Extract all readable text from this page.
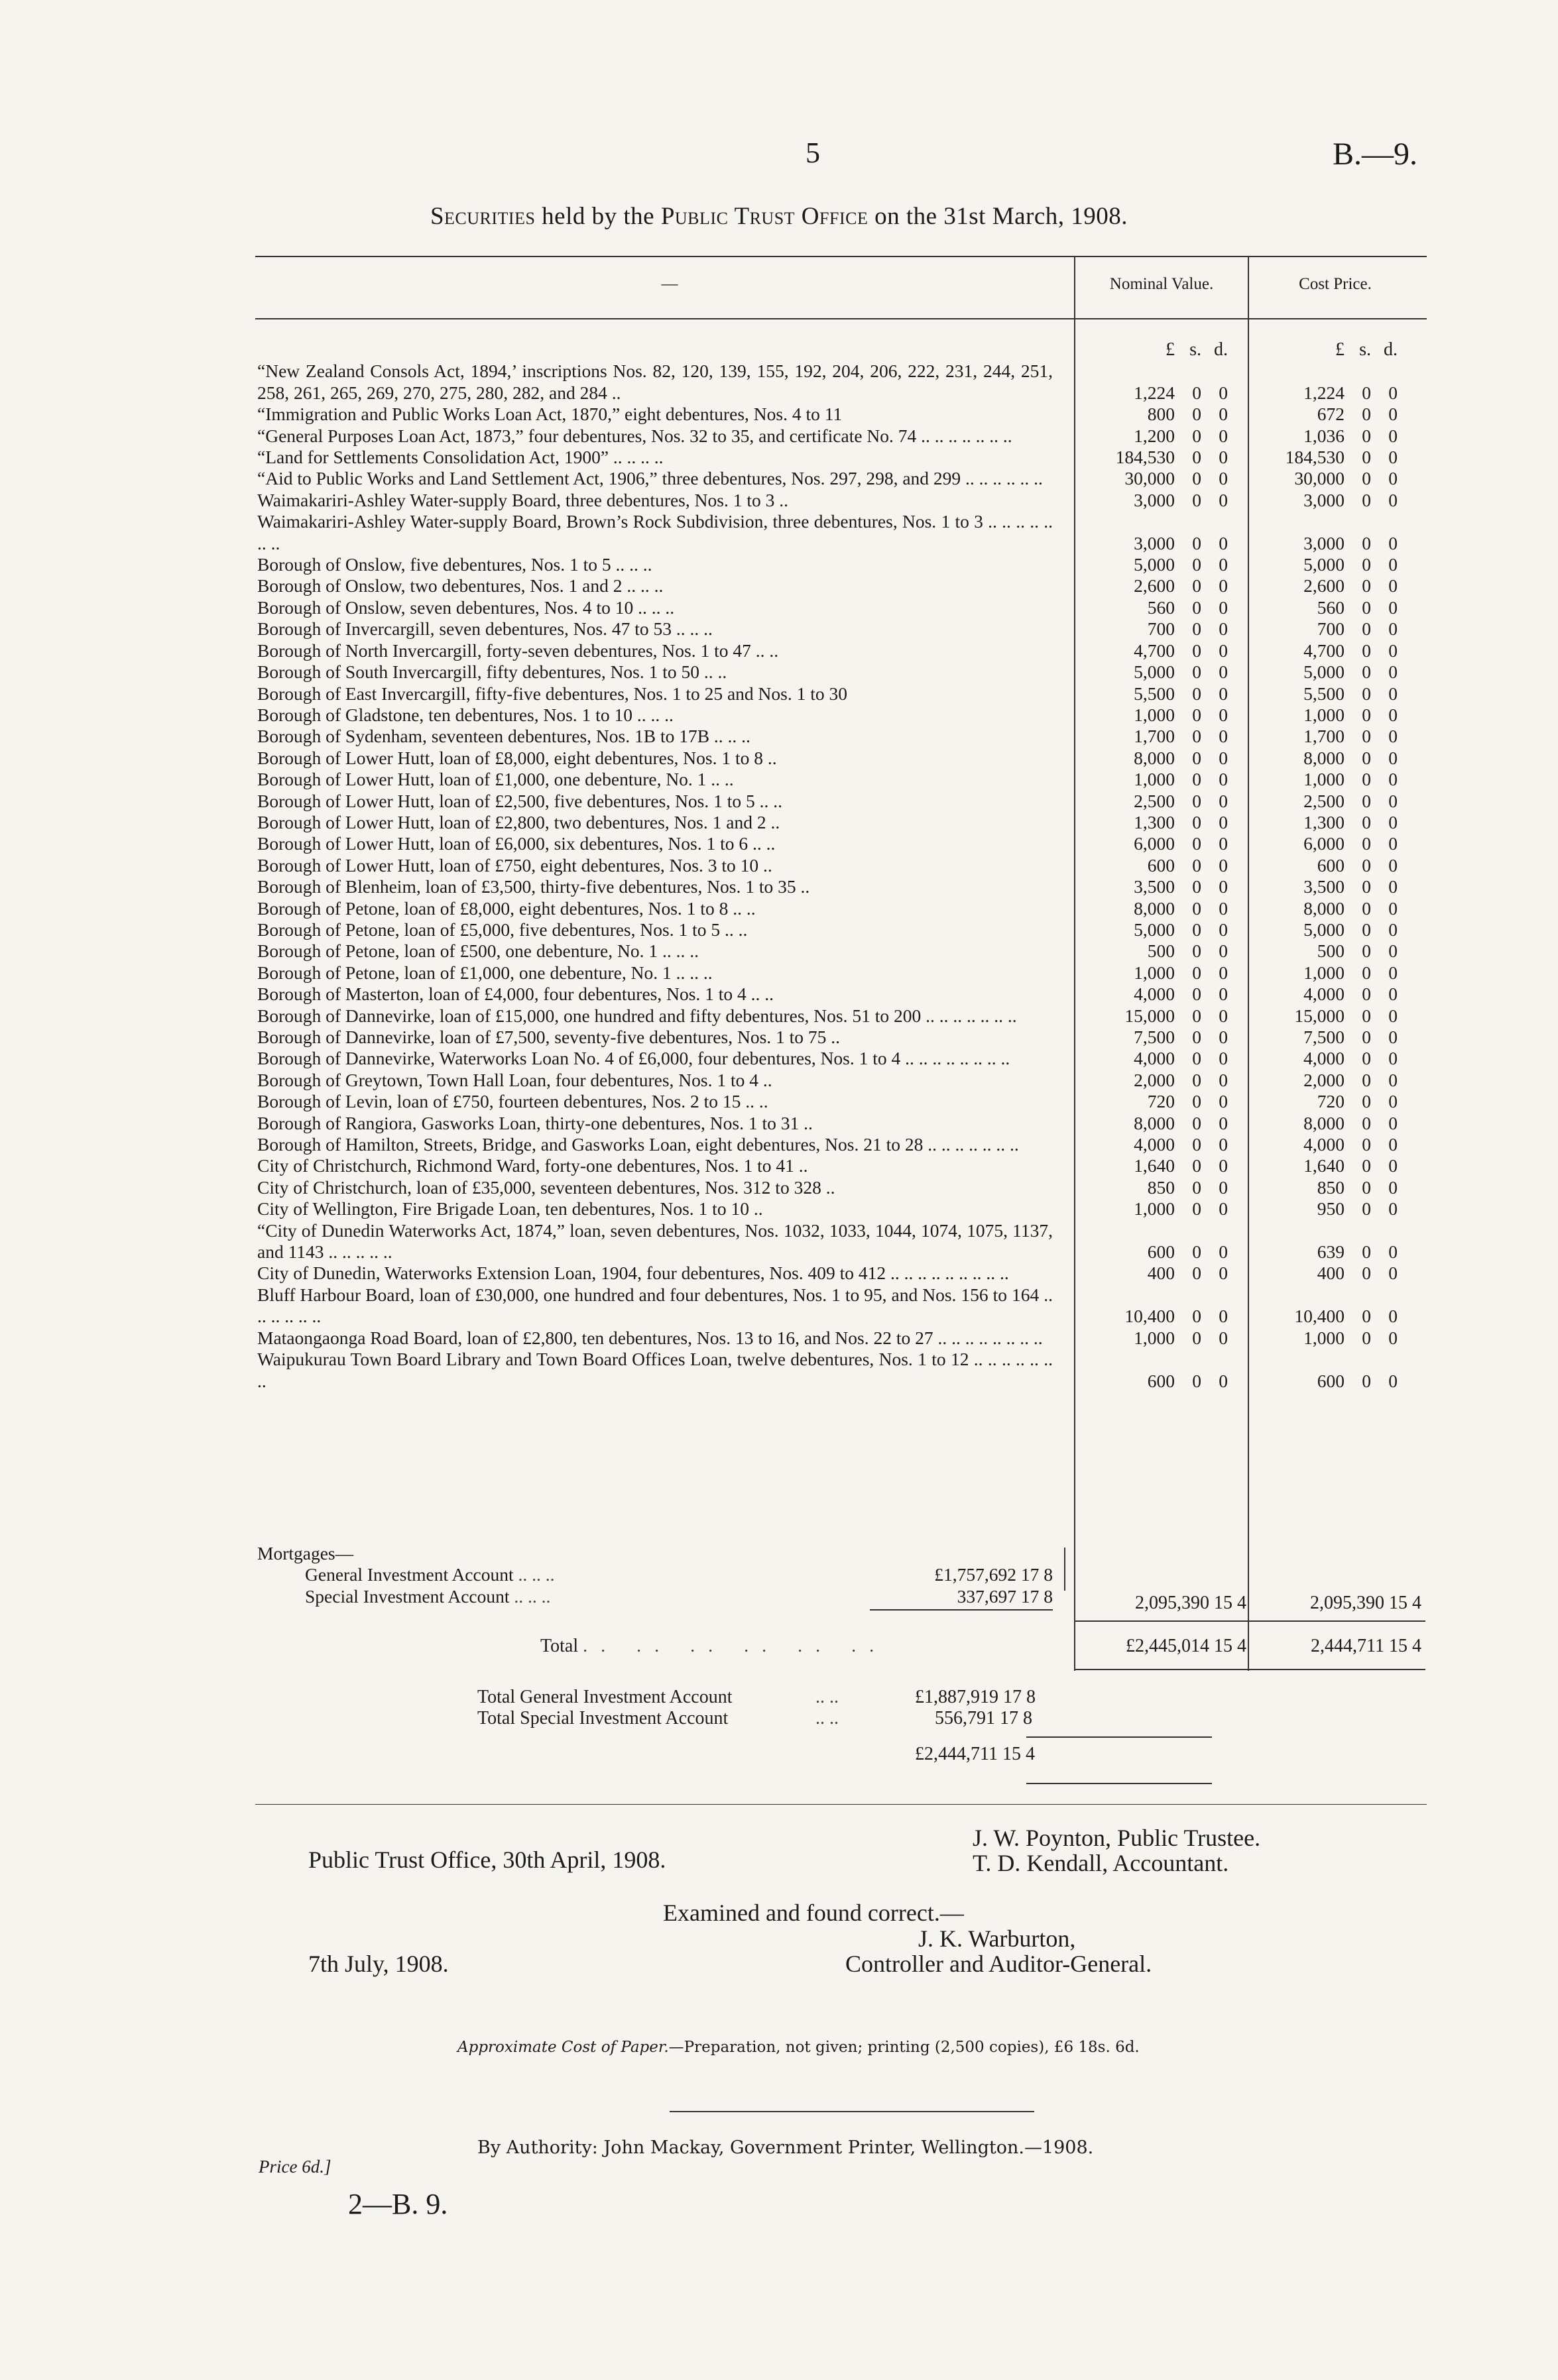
5	B.—9.
Securities held by the Public Trust Office on the 31st March, 1908.
—	Nominal Value.	Cost Price.
		£	s.	d.		£	s.	d.

“New Zealand Consols Act, 1894,’ inscriptions Nos. 82, 120, 139, 155, 192, 204, 206, 222, 231, 244, 251, 258, 261, 265, 269, 270, 275, 280, 282, and 284 ..		1,224	0	0		1,224	0	0

“Immigration and Public Works Loan Act, 1870,” eight debentures, Nos. 4 to 11		800	0	0		672	0	0

“General Purposes Loan Act, 1873,” four debentures, Nos. 32 to 35, and certificate No. 74 .. .. .. .. .. .. ..		1,200	0	0		1,036	0	0

“Land for Settlements Consolidation Act, 1900” .. .. .. ..		184,530	0	0		184,530	0	0

“Aid to Public Works and Land Settlement Act, 1906,” three debentures, Nos. 297, 298, and 299 .. .. .. .. .. ..		30,000	0	0		30,000	0	0

Waimakariri-Ashley Water-supply Board, three debentures, Nos. 1 to 3 ..		3,000	0	0		3,000	0	0

Waimakariri-Ashley Water-supply Board, Brown’s Rock Subdivision, three debentures, Nos. 1 to 3 .. .. .. .. .. .. ..		3,000	0	0		3,000	0	0

Borough of Onslow, five debentures, Nos. 1 to 5 .. .. ..		5,000	0	0		5,000	0	0

Borough of Onslow, two debentures, Nos. 1 and 2 .. .. ..		2,600	0	0		2,600	0	0

Borough of Onslow, seven debentures, Nos. 4 to 10 .. .. ..		560	0	0		560	0	0

Borough of Invercargill, seven debentures, Nos. 47 to 53 .. .. ..		700	0	0		700	0	0

Borough of North Invercargill, forty-seven debentures, Nos. 1 to 47 .. ..		4,700	0	0		4,700	0	0

Borough of South Invercargill, fifty debentures, Nos. 1 to 50 .. ..		5,000	0	0		5,000	0	0

Borough of East Invercargill, fifty-five debentures, Nos. 1 to 25 and Nos. 1 to 30		5,500	0	0		5,500	0	0

Borough of Gladstone, ten debentures, Nos. 1 to 10 .. .. ..		1,000	0	0		1,000	0	0

Borough of Sydenham, seventeen debentures, Nos. 1B to 17B .. .. ..		1,700	0	0		1,700	0	0

Borough of Lower Hutt, loan of £8,000, eight debentures, Nos. 1 to 8 ..		8,000	0	0		8,000	0	0

Borough of Lower Hutt, loan of £1,000, one debenture, No. 1 .. ..		1,000	0	0		1,000	0	0

Borough of Lower Hutt, loan of £2,500, five debentures, Nos. 1 to 5 .. ..		2,500	0	0		2,500	0	0

Borough of Lower Hutt, loan of £2,800, two debentures, Nos. 1 and 2 ..		1,300	0	0		1,300	0	0

Borough of Lower Hutt, loan of £6,000, six debentures, Nos. 1 to 6 .. ..		6,000	0	0		6,000	0	0

Borough of Lower Hutt, loan of £750, eight debentures, Nos. 3 to 10 ..		600	0	0		600	0	0

Borough of Blenheim, loan of £3,500, thirty-five debentures, Nos. 1 to 35 ..		3,500	0	0		3,500	0	0

Borough of Petone, loan of £8,000, eight debentures, Nos. 1 to 8 .. ..		8,000	0	0		8,000	0	0

Borough of Petone, loan of £5,000, five debentures, Nos. 1 to 5 .. ..		5,000	0	0		5,000	0	0

Borough of Petone, loan of £500, one debenture, No. 1 .. .. ..		500	0	0		500	0	0

Borough of Petone, loan of £1,000, one debenture, No. 1 .. .. ..		1,000	0	0		1,000	0	0

Borough of Masterton, loan of £4,000, four debentures, Nos. 1 to 4 .. ..		4,000	0	0		4,000	0	0

Borough of Dannevirke, loan of £15,000, one hundred and fifty debentures, Nos. 51 to 200 .. .. .. .. .. .. ..		15,000	0	0		15,000	0	0

Borough of Dannevirke, loan of £7,500, seventy-five debentures, Nos. 1 to 75 ..		7,500	0	0		7,500	0	0

Borough of Dannevirke, Waterworks Loan No. 4 of £6,000, four debentures, Nos. 1 to 4 .. .. .. .. .. .. .. ..		4,000	0	0		4,000	0	0

Borough of Greytown, Town Hall Loan, four debentures, Nos. 1 to 4 ..		2,000	0	0		2,000	0	0

Borough of Levin, loan of £750, fourteen debentures, Nos. 2 to 15 .. ..		720	0	0		720	0	0

Borough of Rangiora, Gasworks Loan, thirty-one debentures, Nos. 1 to 31 ..		8,000	0	0		8,000	0	0

Borough of Hamilton, Streets, Bridge, and Gasworks Loan, eight debentures, Nos. 21 to 28 .. .. .. .. .. .. ..		4,000	0	0		4,000	0	0

City of Christchurch, Richmond Ward, forty-one debentures, Nos. 1 to 41 ..		1,640	0	0		1,640	0	0

City of Christchurch, loan of £35,000, seventeen debentures, Nos. 312 to 328 ..		850	0	0		850	0	0

City of Wellington, Fire Brigade Loan, ten debentures, Nos. 1 to 10 ..		1,000	0	0		950	0	0

“City of Dunedin Waterworks Act, 1874,” loan, seven debentures, Nos. 1032, 1033, 1044, 1074, 1075, 1137, and 1143 .. .. .. .. ..		600	0	0		639	0	0

City of Dunedin, Waterworks Extension Loan, 1904, four debentures, Nos. 409 to 412 .. .. .. .. .. .. .. .. ..		400	0	0		400	0	0

Bluff Harbour Board, loan of £30,000, one hundred and four debentures, Nos. 1 to 95, and Nos. 156 to 164 .. .. .. .. .. ..		10,400	0	0		10,400	0	0

Mataongaonga Road Board, loan of £2,800, ten debentures, Nos. 13 to 16, and Nos. 22 to 27 .. .. .. .. .. .. .. ..		1,000	0	0		1,000	0	0

Waipukurau Town Board Library and Town Board Offices Loan, twelve debentures, Nos. 1 to 12 .. .. .. .. .. .. ..		600	0	0		600	0	0
Mortgages—
General Investment Account .. .. ..	£1,757,692 17 8
Special Investment Account .. .. ..	337,697 17 8	2,095,390 15 4	2,095,390 15 4
Total .. .. .. .. .. ..	£2,445,014 15 4	2,444,711 15 4
Total General Investment Account	.. ..	£1,887,919 17 8
Total Special Investment Account	.. ..	556,791 17 8
£2,444,711 15 4
Public Trust Office, 30th April, 1908.
J. W. Poynton, Public Trustee.
T. D. Kendall, Accountant.
Examined and found correct.—
J. K. Warburton,
Controller and Auditor-General.
7th July, 1908.
Approximate Cost of Paper.—Preparation, not given; printing (2,500 copies), £6 18s. 6d.
By Authority: John Mackay, Government Printer, Wellington.—1908.
Price 6d.]
2—B. 9.
